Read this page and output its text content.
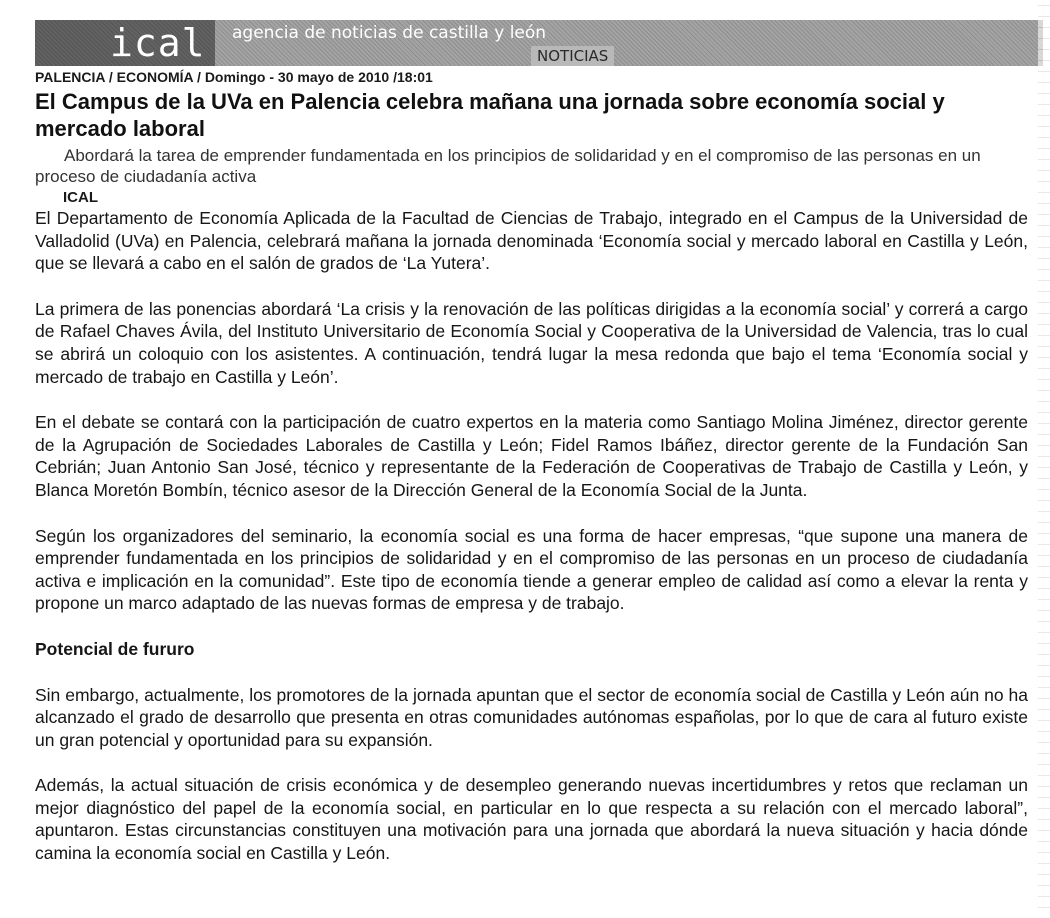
ical agencia de noticias de castilla y león
NOTICIAS
PALENCIA / ECONOMÍA / Domingo - 30 mayo de 2010 /18:01
El Campus de la UVa en Palencia celebra mañana una jornada sobre economía social y mercado laboral
Abordará la tarea de emprender fundamentada en los principios de solidaridad y en el compromiso de las personas en un proceso de ciudadanía activa
ICAL

El Departamento de Economía Aplicada de la Facultad de Ciencias de Trabajo, integrado en el Campus de la Universidad de Valladolid (UVa) en Palencia, celebrará mañana la jornada denominada ‘Economía social y mercado laboral en Castilla y León, que se llevará a cabo en el salón de grados de ‘La Yutera’.

La primera de las ponencias abordará ‘La crisis y la renovación de las políticas dirigidas a la economía social’ y correrá a cargo de Rafael Chaves Ávila, del Instituto Universitario de Economía Social y Cooperativa de la Universidad de Valencia, tras lo cual se abrirá un coloquio con los asistentes. A continuación, tendrá lugar la mesa redonda que bajo el tema ‘Economía social y mercado de trabajo en Castilla y León’.

En el debate se contará con la participación de cuatro expertos en la materia como Santiago Molina Jiménez, director gerente de la Agrupación de Sociedades Laborales de Castilla y León; Fidel Ramos Ibáñez, director gerente de la Fundación San Cebrián; Juan Antonio San José, técnico y representante de la Federación de Cooperativas de Trabajo de Castilla y León, y Blanca Moretón Bombín, técnico asesor de la Dirección General de la Economía Social de la Junta.

Según los organizadores del seminario, la economía social es una forma de hacer empresas, “que supone una manera de emprender fundamentada en los principios de solidaridad y en el compromiso de las personas en un proceso de ciudadanía activa e implicación en la comunidad”. Este tipo de economía tiende a generar empleo de calidad así como a elevar la renta y propone un marco adaptado de las nuevas formas de empresa y de trabajo.

Potencial de fururo

Sin embargo, actualmente, los promotores de la jornada apuntan que el sector de economía social de Castilla y León aún no ha alcanzado el grado de desarrollo que presenta en otras comunidades autónomas españolas, por lo que de cara al futuro existe un gran potencial y oportunidad para su expansión.

Además, la actual situación de crisis económica y de desempleo generando nuevas incertidumbres y retos que reclaman un mejor diagnóstico del papel de la economía social, en particular en lo que respecta a su relación con el mercado laboral”, apuntaron. Estas circunstancias constituyen una motivación para una jornada que abordará la nueva situación y hacia dónde camina la economía social en Castilla y León.
